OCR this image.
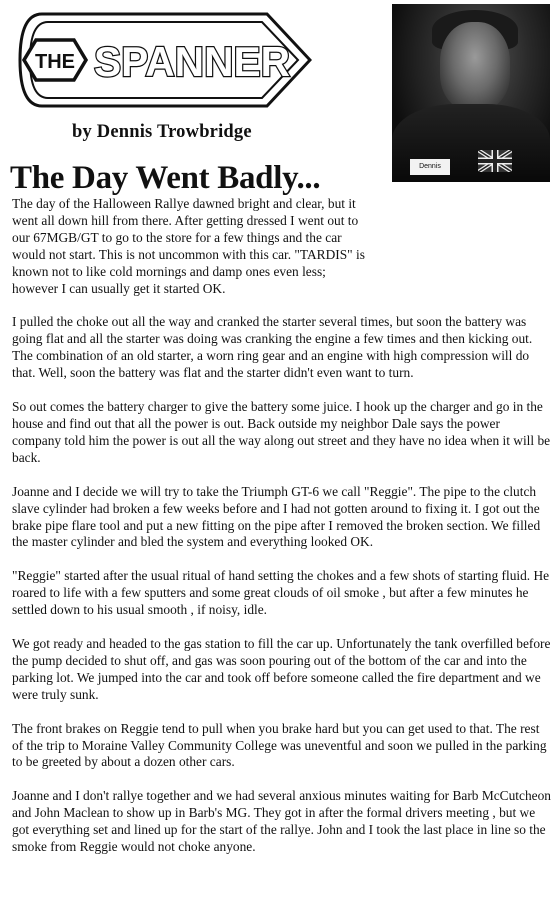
THE SPANNER
by Dennis Trowbridge
Dennis
The Day Went Badly...

The day of the Halloween Rallye dawned bright and clear, but it went all down hill from there. After getting dressed I went out to our 67MGB/GT to go to the store for a few things and the car would not start. This is not uncommon with this car. "TARDIS" is known not to like cold mornings and damp ones even less; however I can usually get it started OK.

I pulled the choke out all the way and cranked the starter several times, but soon the battery was going flat and all the starter was doing was cranking the engine a few times and then kicking out. The combination of an old starter, a worn ring gear and an engine with high compression will do that. Well, soon the battery was flat and the starter didn't even want to turn.

So out comes the battery charger to give the battery some juice. I hook up the charger and go in the house and find out that all the power is out. Back outside my neighbor Dale says the power company told him the power is out all the way along out street and they have no idea when it will be back.

Joanne and I decide we will try to take the Triumph GT-6 we call "Reggie". The pipe to the clutch slave cylinder had broken a few weeks before and I had not gotten around to fixing it. I got out the brake pipe flare tool and put a new fitting on the pipe after I removed the broken section. We filled the master cylinder and bled the system and everything looked OK.

"Reggie" started after the usual ritual of hand setting the chokes and a few shots of starting fluid. He roared to life with a few sputters and some great clouds of oil smoke , but after a few minutes he settled down to his usual smooth , if noisy, idle.

We got ready and headed to the gas station to fill the car up. Unfortunately the tank overfilled before the pump decided to shut off, and gas was soon pouring out of the bottom of the car and into the parking lot. We jumped into the car and took off before someone called the fire department and we were truly sunk.

The front brakes on Reggie tend to pull when you brake hard but you can get used to that. The rest of the trip to Moraine Valley Community College was uneventful and soon we pulled in the parking to be greeted by about a dozen other cars.

Joanne and I don't rallye together and we had several anxious minutes waiting for Barb McCutcheon and John Maclean to show up in Barb's MG. They got in after the formal drivers meeting , but we got everything set and lined up for the start of the rallye. John and I took the last place in line so the smoke from Reggie would not choke anyone.
